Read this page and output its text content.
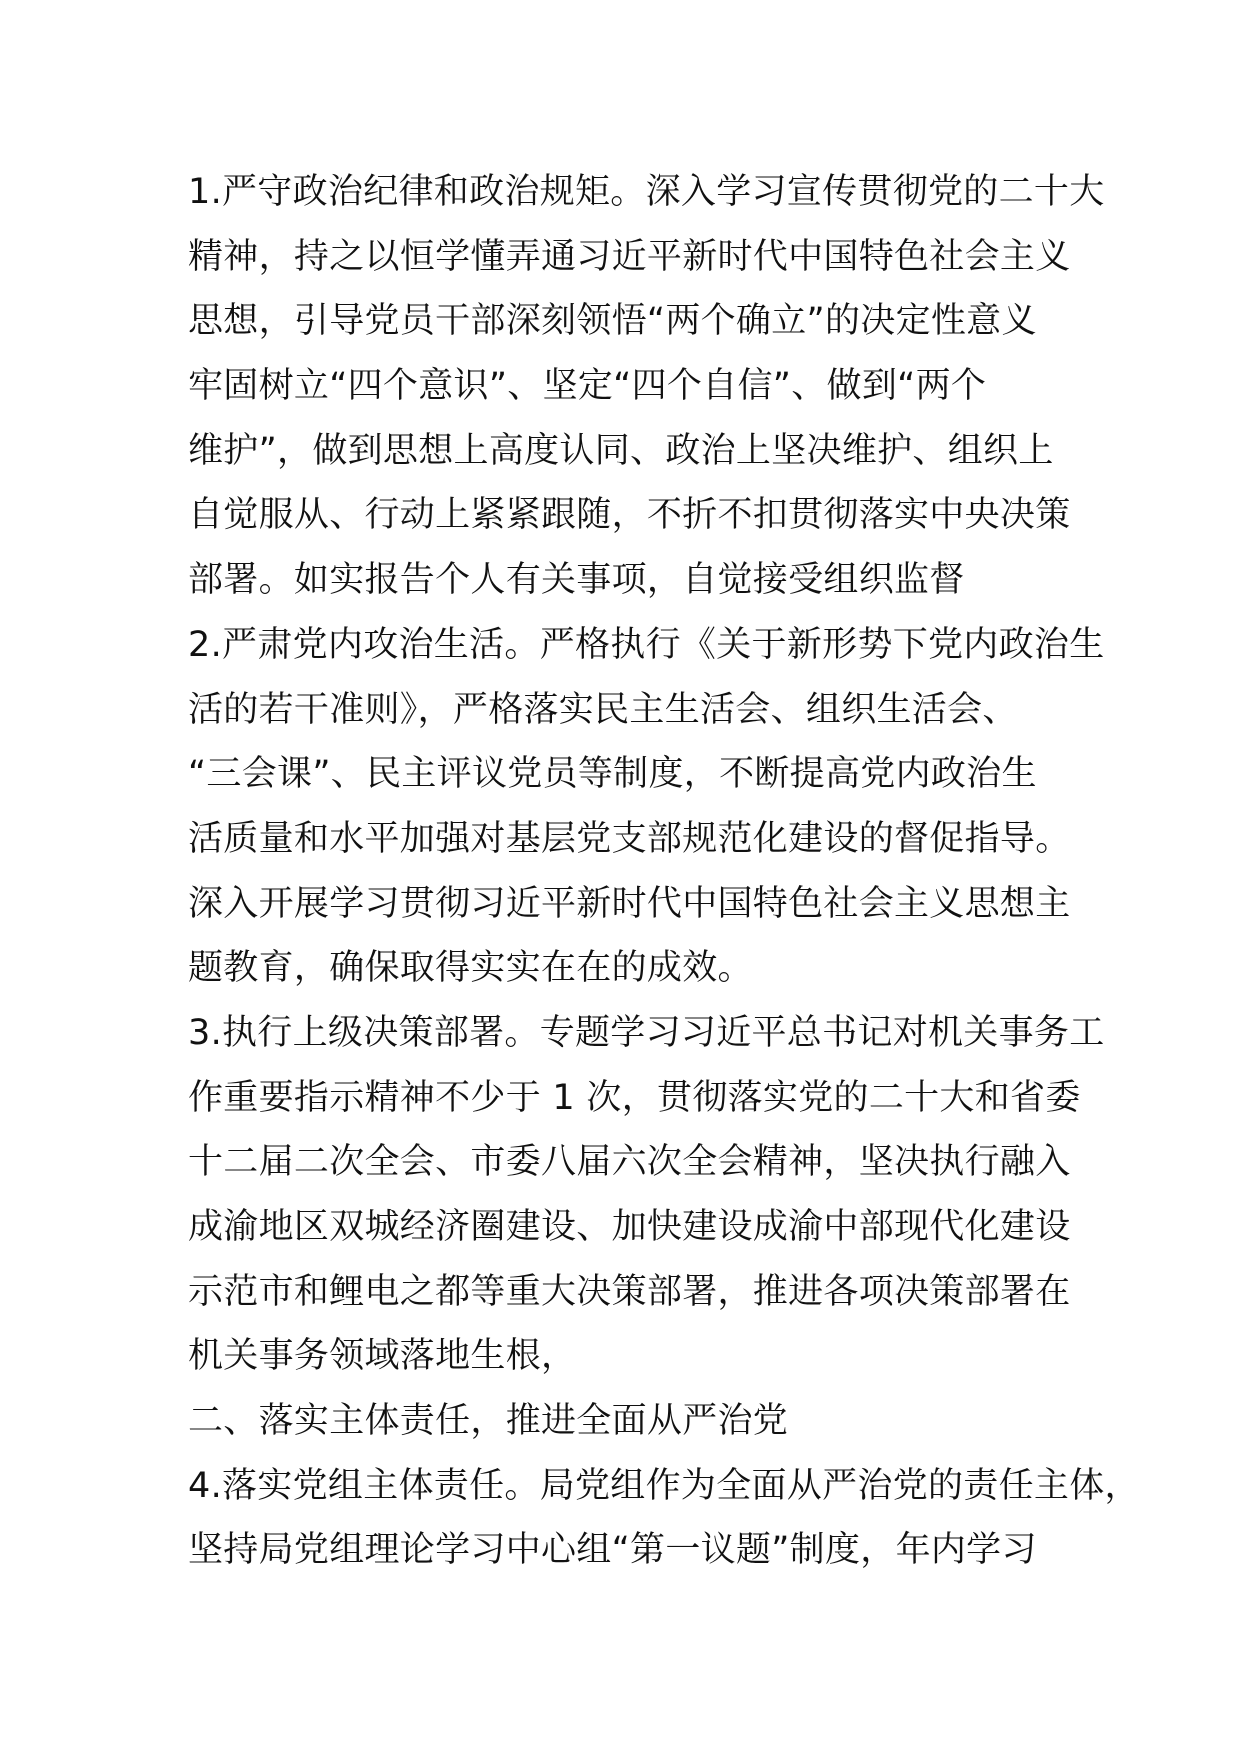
1.严守政治纪律和政治规矩。深入学习宣传贯彻党的二十大
精神，持之以恒学懂弄通习近平新时代中国特色社会主义
思想，引导党员干部深刻领悟“两个确立”的决定性意义
牢固树立“四个意识”、坚定“四个自信”、做到“两个
维护”，做到思想上高度认同、政治上坚决维护、组织上
自觉服从、行动上紧紧跟随，不折不扣贯彻落实中央决策
部署。如实报告个人有关事项，自觉接受组织监督
2.严肃党内攻治生活。严格执行《关于新形势下党内政治生
活的若干准则》，严格落实民主生活会、组织生活会、
“三会课”、民主评议党员等制度，不断提高党内政治生
活质量和水平加强对基层党支部规范化建设的督促指导。
深入开展学习贯彻习近平新时代中国特色社会主义思想主
题教育，确保取得实实在在的成效。
3.执行上级决策部署。专题学习习近平总书记对机关事务工
作重要指示精神不少于 1 次，贯彻落实党的二十大和省委
十二届二次全会、市委八届六次全会精神，坚决执行融入
成渝地区双城经济圈建设、加快建设成渝中部现代化建设
示范市和鲤电之都等重大决策部署，推进各项决策部署在
机关事务领域落地生根，
二、落实主体责任，推进全面从严治党
4.落实党组主体责任。局党组作为全面从严治党的责任主体，
坚持局党组理论学习中心组“第一议题”制度，年内学习
